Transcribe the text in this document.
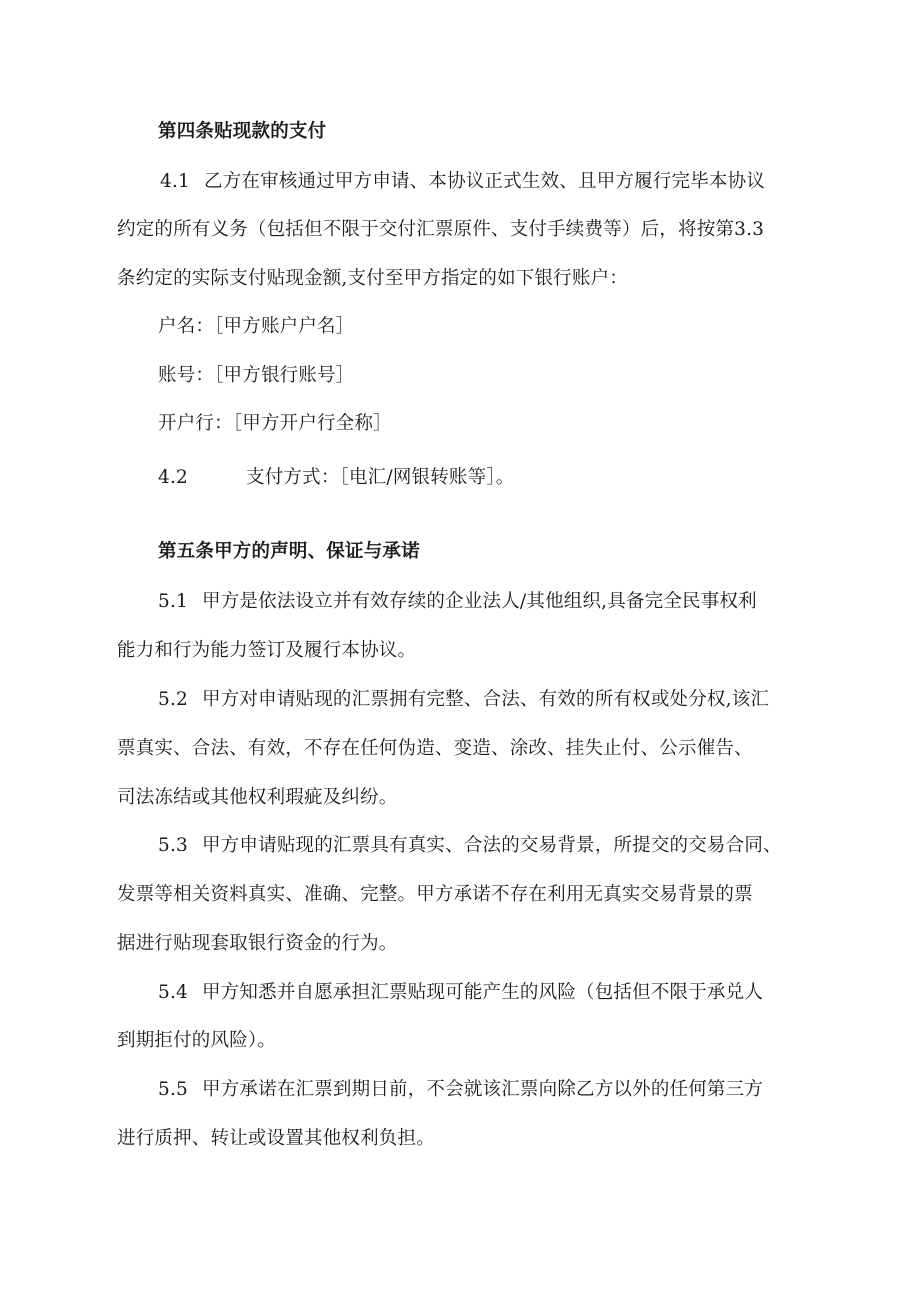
第四条贴现款的支付
4.1 乙方在审核通过甲方申请、本协议正式生效、且甲方履行完毕本协议
约定的所有义务（包括但不限于交付汇票原件、支付手续费等）后，将按第3.3
条约定的实际支付贴现金额,支付至甲方指定的如下银行账户：
户名：［甲方账户户名］
账号：［甲方银行账号］
开户行：［甲方开户行全称］
4.2	支付方式：［电汇/网银转账等］。
第五条甲方的声明、保证与承诺
5.1 甲方是依法设立并有效存续的企业法人/其他组织,具备完全民事权利
能力和行为能力签订及履行本协议。
5.2 甲方对申请贴现的汇票拥有完整、合法、有效的所有权或处分权,该汇
票真实、合法、有效，不存在任何伪造、变造、涂改、挂失止付、公示催告、
司法冻结或其他权利瑕疵及纠纷。
5.3 甲方申请贴现的汇票具有真实、合法的交易背景，所提交的交易合同、
发票等相关资料真实、准确、完整。甲方承诺不存在利用无真实交易背景的票
据进行贴现套取银行资金的行为。
5.4 甲方知悉并自愿承担汇票贴现可能产生的风险（包括但不限于承兑人
到期拒付的风险）。
5.5 甲方承诺在汇票到期日前，不会就该汇票向除乙方以外的任何第三方
进行质押、转让或设置其他权利负担。
